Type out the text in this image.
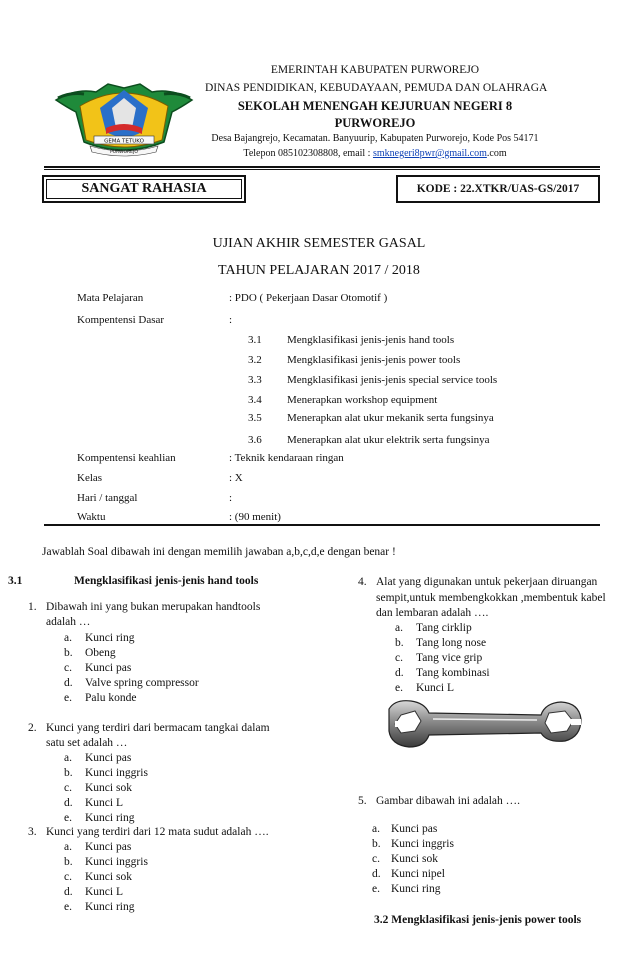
GEMA TETUKO
PURWOREJO
EMERINTAH KABUPATEN PURWOREJO
DINAS PENDIDIKAN, KEBUDAYAAN, PEMUDA DAN OLAHRAGA
SEKOLAH MENENGAH KEJURUAN NEGERI 8
PURWOREJO
Desa Bajangrejo, Kecamatan. Banyuurip, Kabupaten Purworejo, Kode Pos 54171
Telepon 085102308808, email : smknegeri8pwr@gmail.com.com
SANGAT RAHASIA	KODE : 22.XTKR/UAS-GS/2017
UJIAN AKHIR SEMESTER GASAL
TAHUN PELAJARAN 2017 / 2018
Mata Pelajaran	: PDO ( Pekerjaan Dasar Otomotif )
Kompentensi Dasar	:
3.1 Mengklasifikasi jenis-jenis hand tools
3.2 Mengklasifikasi jenis-jenis power tools
3.3 Mengklasifikasi jenis-jenis special service tools
3.4 Menerapkan workshop equipment
3.5 Menerapkan alat ukur mekanik serta fungsinya
3.6 Menerapkan alat ukur elektrik serta fungsinya
Kompentensi keahlian	: Teknik kendaraan ringan
Kelas	: X
Hari / tanggal	:
Waktu	: (90 menit)
Jawablah Soal dibawah ini dengan memilih jawaban a,b,c,d,e dengan benar !
3.1	Mengklasifikasi jenis-jenis hand tools
1. Dibawah ini yang bukan merupakan handtools
adalah …
a. Kunci ring
b. Obeng
c. Kunci pas
d. Valve spring compressor
e. Palu konde
2. Kunci yang terdiri dari bermacam tangkai dalam
satu set adalah …
a. Kunci pas
b. Kunci inggris
c. Kunci sok
d. Kunci L
e. Kunci ring
3. Kunci yang terdiri dari 12 mata sudut adalah ….
a. Kunci pas
b. Kunci inggris
c. Kunci sok
d. Kunci L
e. Kunci ring
4. Alat yang digunakan untuk pekerjaan diruangan
sempit,untuk membengkokkan ,membentuk kabel
dan lembaran adalah ….
a. Tang cirklip
b. Tang long nose
c. Tang vice grip
d. Tang kombinasi
e. Kunci L
5. Gambar dibawah ini adalah ….
a. Kunci pas
b. Kunci inggris
c. Kunci sok
d. Kunci nipel
e. Kunci ring
3.2 Mengklasifikasi jenis-jenis power tools
